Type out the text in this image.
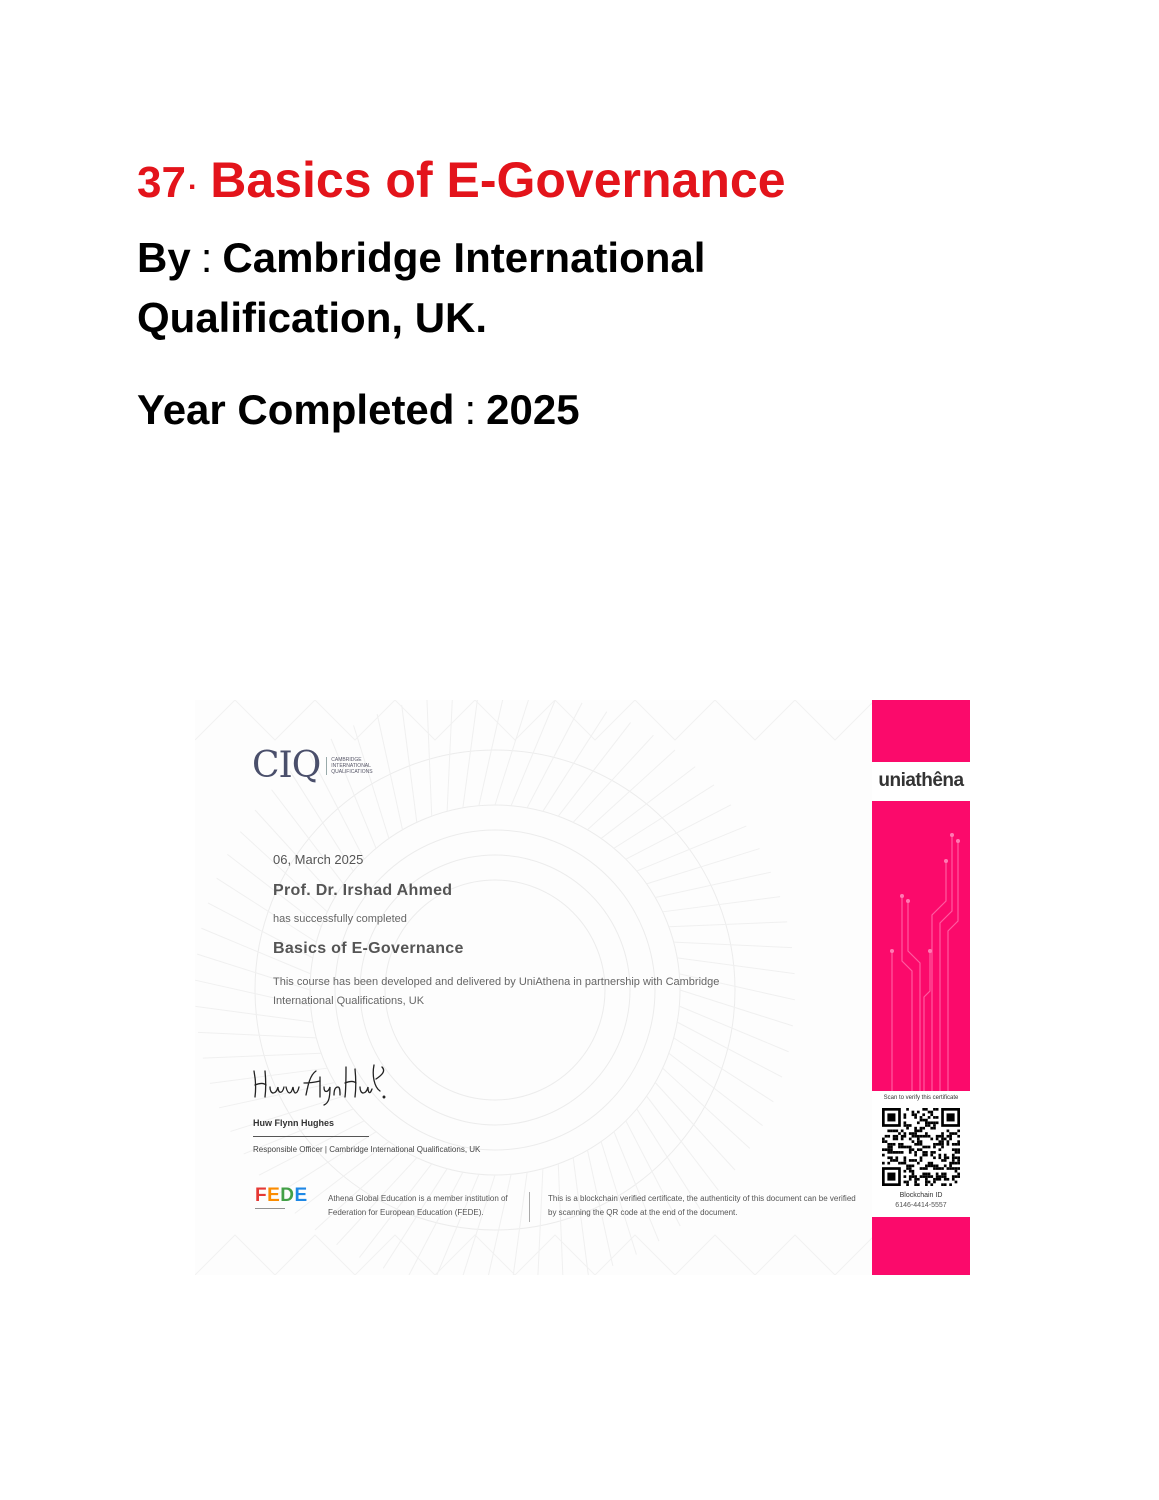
37. Basics of E-Governance

By : Cambridge International Qualification, UK.

Year Completed : 2025

CIQ	CAMBRIDGE
INTERNATIONAL
QUALIFICATIONS
06, March 2025
Prof. Dr. Irshad Ahmed
has successfully completed
Basics of E-Governance
This course has been developed and delivered by UniAthena in partnership with Cambridge International Qualifications, UK
Huw Flynn Hughes
Responsible Officer | Cambridge International Qualifications, UK
FEDE
▬▬▬▬▬▬▬▬▬▬
Athena Global Education is a member institution of Federation for European Education (FEDE).
This is a blockchain verified certificate, the authenticity of this document can be verified by scanning the QR code at the end of the document.
uniathêna
Scan to verify this certificate
Blockchain ID
6146-4414-5557
